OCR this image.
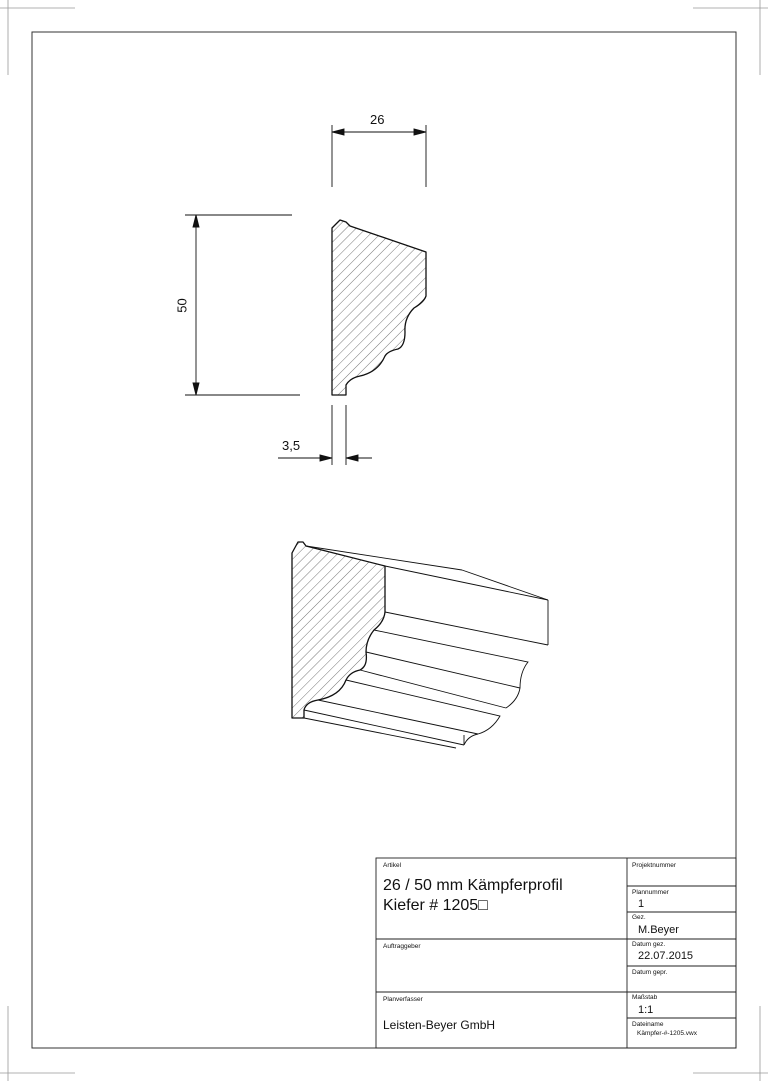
26
50
3,5
Artikel
26 / 50 mm Kämpferprofil
Kiefer # 1205□
Auftraggeber
Planverfasser
Leisten-Beyer GmbH
Projektnummer
Plannummer
1
Gez.
M.Beyer
Datum gez.
22.07.2015
Datum gepr.
Maßstab
1:1
Dateiname
Kämpfer-#-1205.vwx
